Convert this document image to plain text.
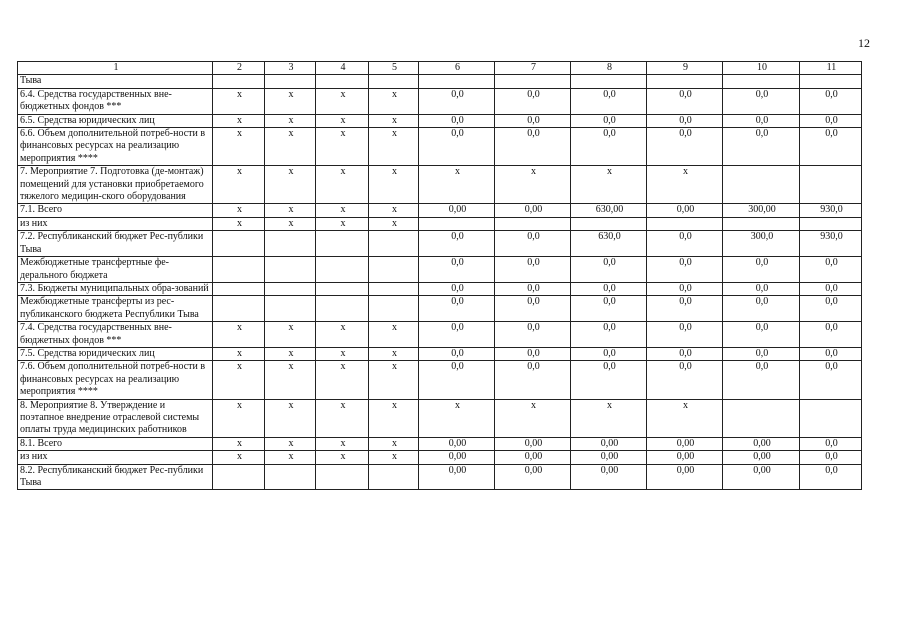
12
1	2	3	4	5	6	7	8	9	10	11
Тыва										
6.4. Средства государственных вне-бюджетных фондов ***	x	x	x	x	0,0	0,0	0,0	0,0	0,0	0,0
6.5. Средства юридических лиц	x	x	x	x	0,0	0,0	0,0	0,0	0,0	0,0
6.6. Объем дополнительной потреб-ности в финансовых ресурсах на реализацию мероприятия ****	x	x	x	x	0,0	0,0	0,0	0,0	0,0	0,0
7. Мероприятие 7. Подготовка (де-монтаж) помещений для установки приобретаемого тяжелого медицин-ского оборудования	x	x	x	x	x	x	x	x		
7.1. Всего	x	x	x	x	0,00	0,00	630,00	0,00	300,00	930,0
из них	x	x	x	x						
7.2. Республиканский бюджет Рес-публики Тыва					0,0	0,0	630,0	0,0	300,0	930,0
Межбюджетные трансфертные фе-дерального бюджета					0,0	0,0	0,0	0,0	0,0	0,0
7.3. Бюджеты муниципальных обра-зований					0,0	0,0	0,0	0,0	0,0	0,0
Межбюджетные трансферты из рес-публиканского бюджета Республики Тыва					0,0	0,0	0,0	0,0	0,0	0,0
7.4. Средства государственных вне-бюджетных фондов ***	x	x	x	x	0,0	0,0	0,0	0,0	0,0	0,0
7.5. Средства юридических лиц	x	x	x	x	0,0	0,0	0,0	0,0	0,0	0,0
7.6. Объем дополнительной потреб-ности в финансовых ресурсах на реализацию мероприятия ****	x	x	x	x	0,0	0,0	0,0	0,0	0,0	0,0
8. Мероприятие 8. Утверждение и поэтапное внедрение отраслевой системы оплаты труда медицинских работников	x	x	x	x	x	x	x	x		
8.1. Всего	x	x	x	x	0,00	0,00	0,00	0,00	0,00	0,0
из них	x	x	x	x	0,00	0,00	0,00	0,00	0,00	0,0
8.2. Республиканский бюджет Рес-публики Тыва					0,00	0,00	0,00	0,00	0,00	0,0
